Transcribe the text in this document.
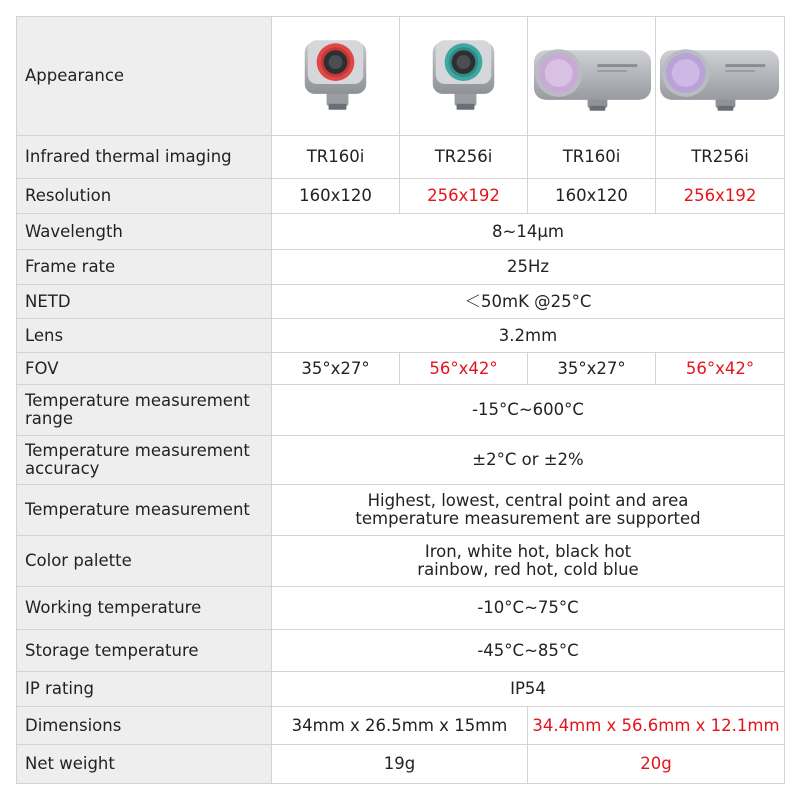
Appearance	

Infrared thermal imaging	TR160i	TR256i	TR160i	TR256i
Resolution	160x120	256x192	160x120	256x192
Wavelength	8~14μm			
Frame rate	25Hz			
NETD	＜50mK @25°C			
Lens	3.2mm			
FOV	35°x27°	56°x42°	35°x27°	56°x42°

Temperature measurement
range	-15°C~600°C			

Temperature measurement
accuracy	±2°C or ±2%			
Temperature measurement	Highest, lowest, central point and area
temperature measurement are supported			

Color palette	Iron, white hot, black hot
rainbow, red hot, cold blue			

Working temperature	-10°C~75°C			
Storage temperature	-45°C~85°C			
IP rating	IP54			
Dimensions	34mm x 26.5mm x 15mm		34.4mm x 56.6mm x 12.1mm	
Net weight	19g		20g	
